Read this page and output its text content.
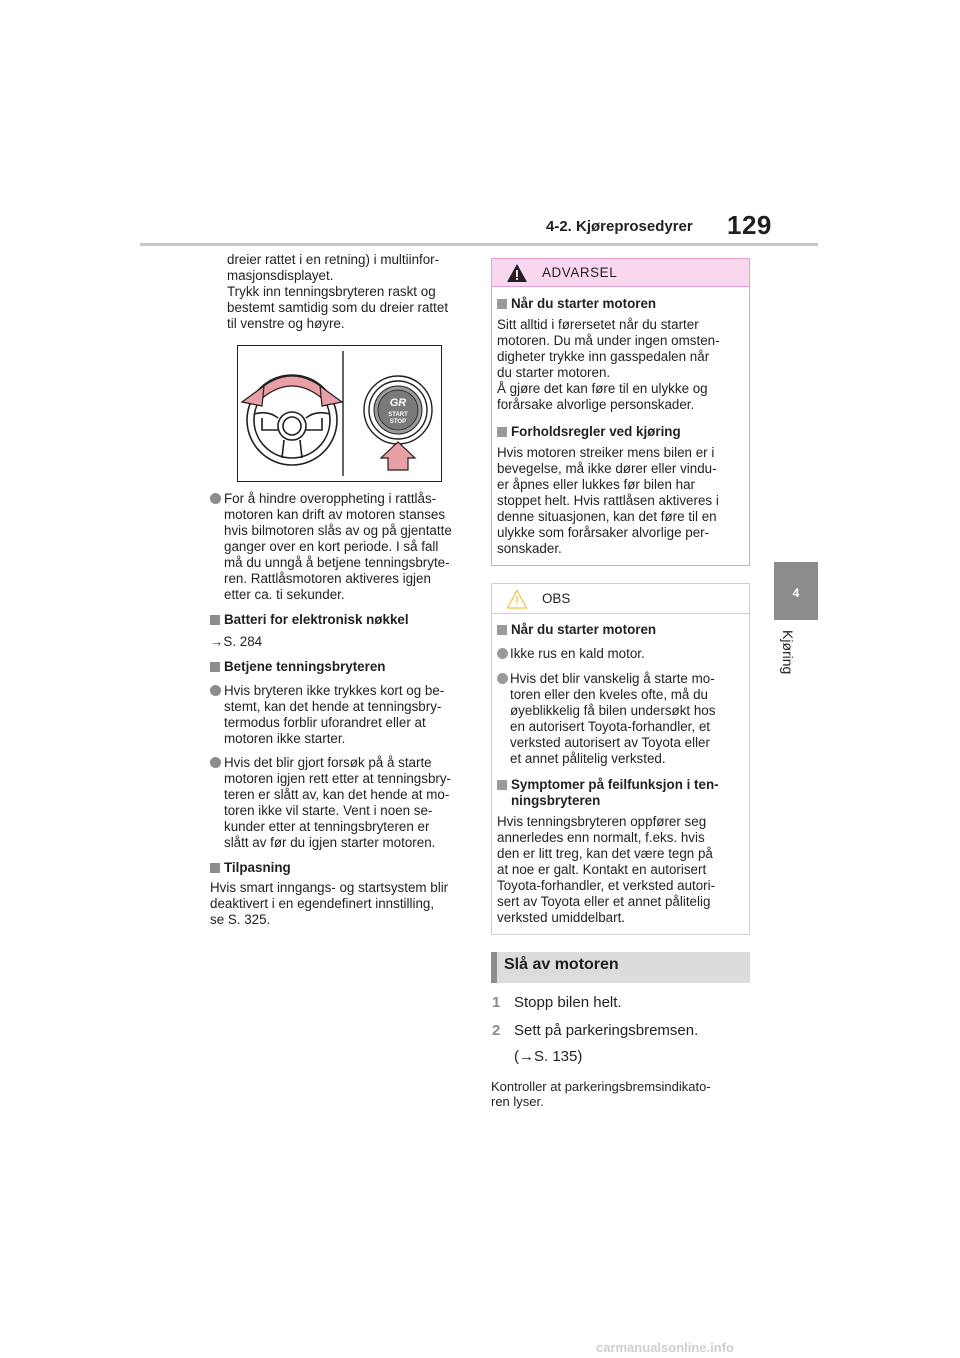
4-2. Kjøreprosedyrer 129
4
Kjøring
dreier rattet i en retning) i multiinfor-
masjonsdisplayet.
Trykk inn tenningsbryteren raskt og
bestemt samtidig som du dreier rattet
til venstre og høyre.
GR
START
STOP
For å hindre overoppheting i rattlås-
motoren kan drift av motoren stanses
hvis bilmotoren slås av og på gjentatte
ganger over en kort periode. I så fall
må du unngå å betjene tenningsbryte-
ren. Rattlåsmotoren aktiveres igjen
etter ca. ti sekunder.
Batteri for elektronisk nøkkel
→S. 284
Betjene tenningsbryteren
Hvis bryteren ikke trykkes kort og be-
stemt, kan det hende at tenningsbry-
termodus forblir uforandret eller at
motoren ikke starter.
Hvis det blir gjort forsøk på å starte
motoren igjen rett etter at tenningsbry-
teren er slått av, kan det hende at mo-
toren ikke vil starte. Vent i noen se-
kunder etter at tenningsbryteren er
slått av før du igjen starter motoren.
Tilpasning
Hvis smart inngangs- og startsystem blir
deaktivert i en egendefinert innstilling,
se S. 325.
ADVARSEL
Når du starter motoren
Sitt alltid i førersetet når du starter
motoren. Du må under ingen omsten-
digheter trykke inn gasspedalen når
du starter motoren.
Å gjøre det kan føre til en ulykke og
forårsake alvorlige personskader.
Forholdsregler ved kjøring
Hvis motoren streiker mens bilen er i
bevegelse, må ikke dører eller vindu-
er åpnes eller lukkes før bilen har
stoppet helt. Hvis rattlåsen aktiveres i
denne situasjonen, kan det føre til en
ulykke som forårsaker alvorlige per-
sonskader.
OBS
Når du starter motoren
Ikke rus en kald motor.
Hvis det blir vanskelig å starte mo-
toren eller den kveles ofte, må du
øyeblikkelig få bilen undersøkt hos
en autorisert Toyota-forhandler, et
verksted autorisert av Toyota eller
et annet pålitelig verksted.
Symptomer på feilfunksjon i ten-
ningsbryteren
Hvis tenningsbryteren oppfører seg
annerledes enn normalt, f.eks. hvis
den er litt treg, kan det være tegn på
at noe er galt. Kontakt en autorisert
Toyota-forhandler, et verksted autori-
sert av Toyota eller et annet pålitelig
verksted umiddelbart.
Slå av motoren
1 Stopp bilen helt.
2 Sett på parkeringsbremsen.
(→S. 135)
Kontroller at parkeringsbremsindikato-
ren lyser.
carmanualsonline.info
